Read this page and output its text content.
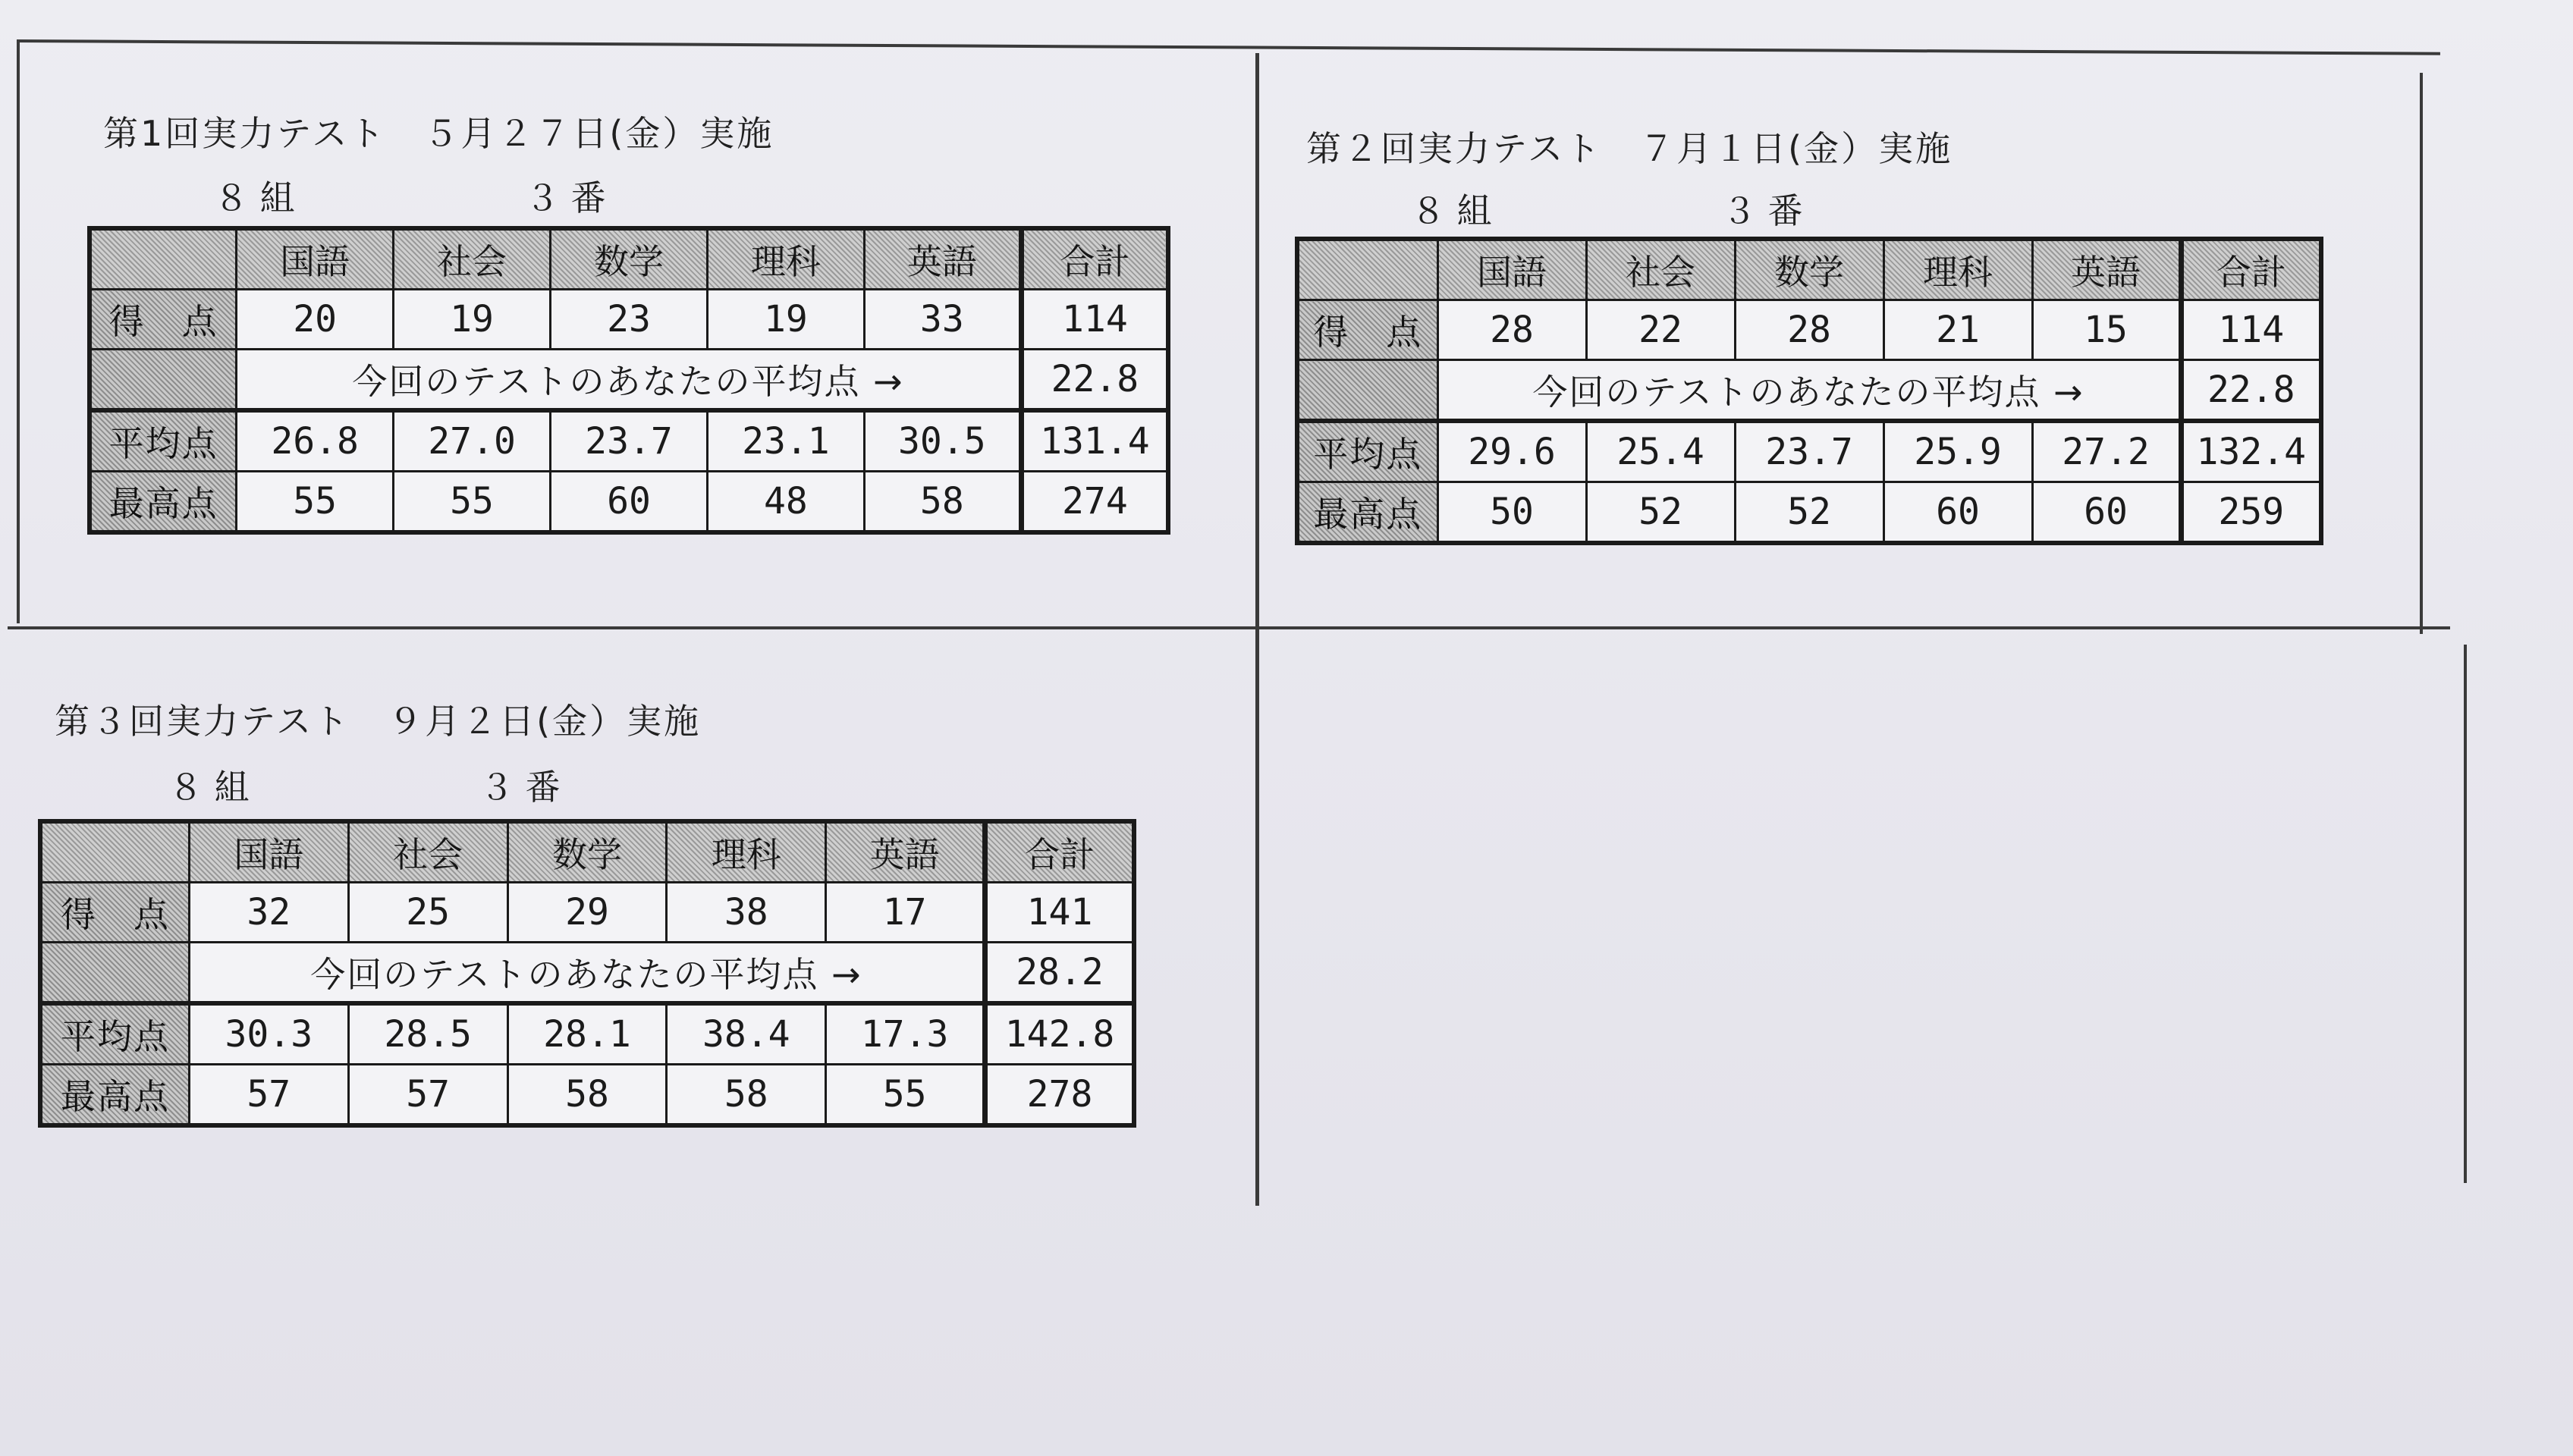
第1回実力テスト　５月２７日(金）実施
８ 組	３ 番
	国語	社会	数学	理科	英語	合計
得　点	20	19	23	19	33	114
	今回のテストのあなたの平均点 →					22.8
平均点	26.8	27.0	23.7	23.1	30.5	131.4
最高点	55	55	60	48	58	274
第２回実力テスト　７月１日(金）実施
８ 組	３ 番
	国語	社会	数学	理科	英語	合計
得　点	28	22	28	21	15	114
	今回のテストのあなたの平均点 →					22.8
平均点	29.6	25.4	23.7	25.9	27.2	132.4
最高点	50	52	52	60	60	259
第３回実力テスト　９月２日(金）実施
８ 組	３ 番
	国語	社会	数学	理科	英語	合計
得　点	32	25	29	38	17	141
	今回のテストのあなたの平均点 →					28.2
平均点	30.3	28.5	28.1	38.4	17.3	142.8
最高点	57	57	58	58	55	278
